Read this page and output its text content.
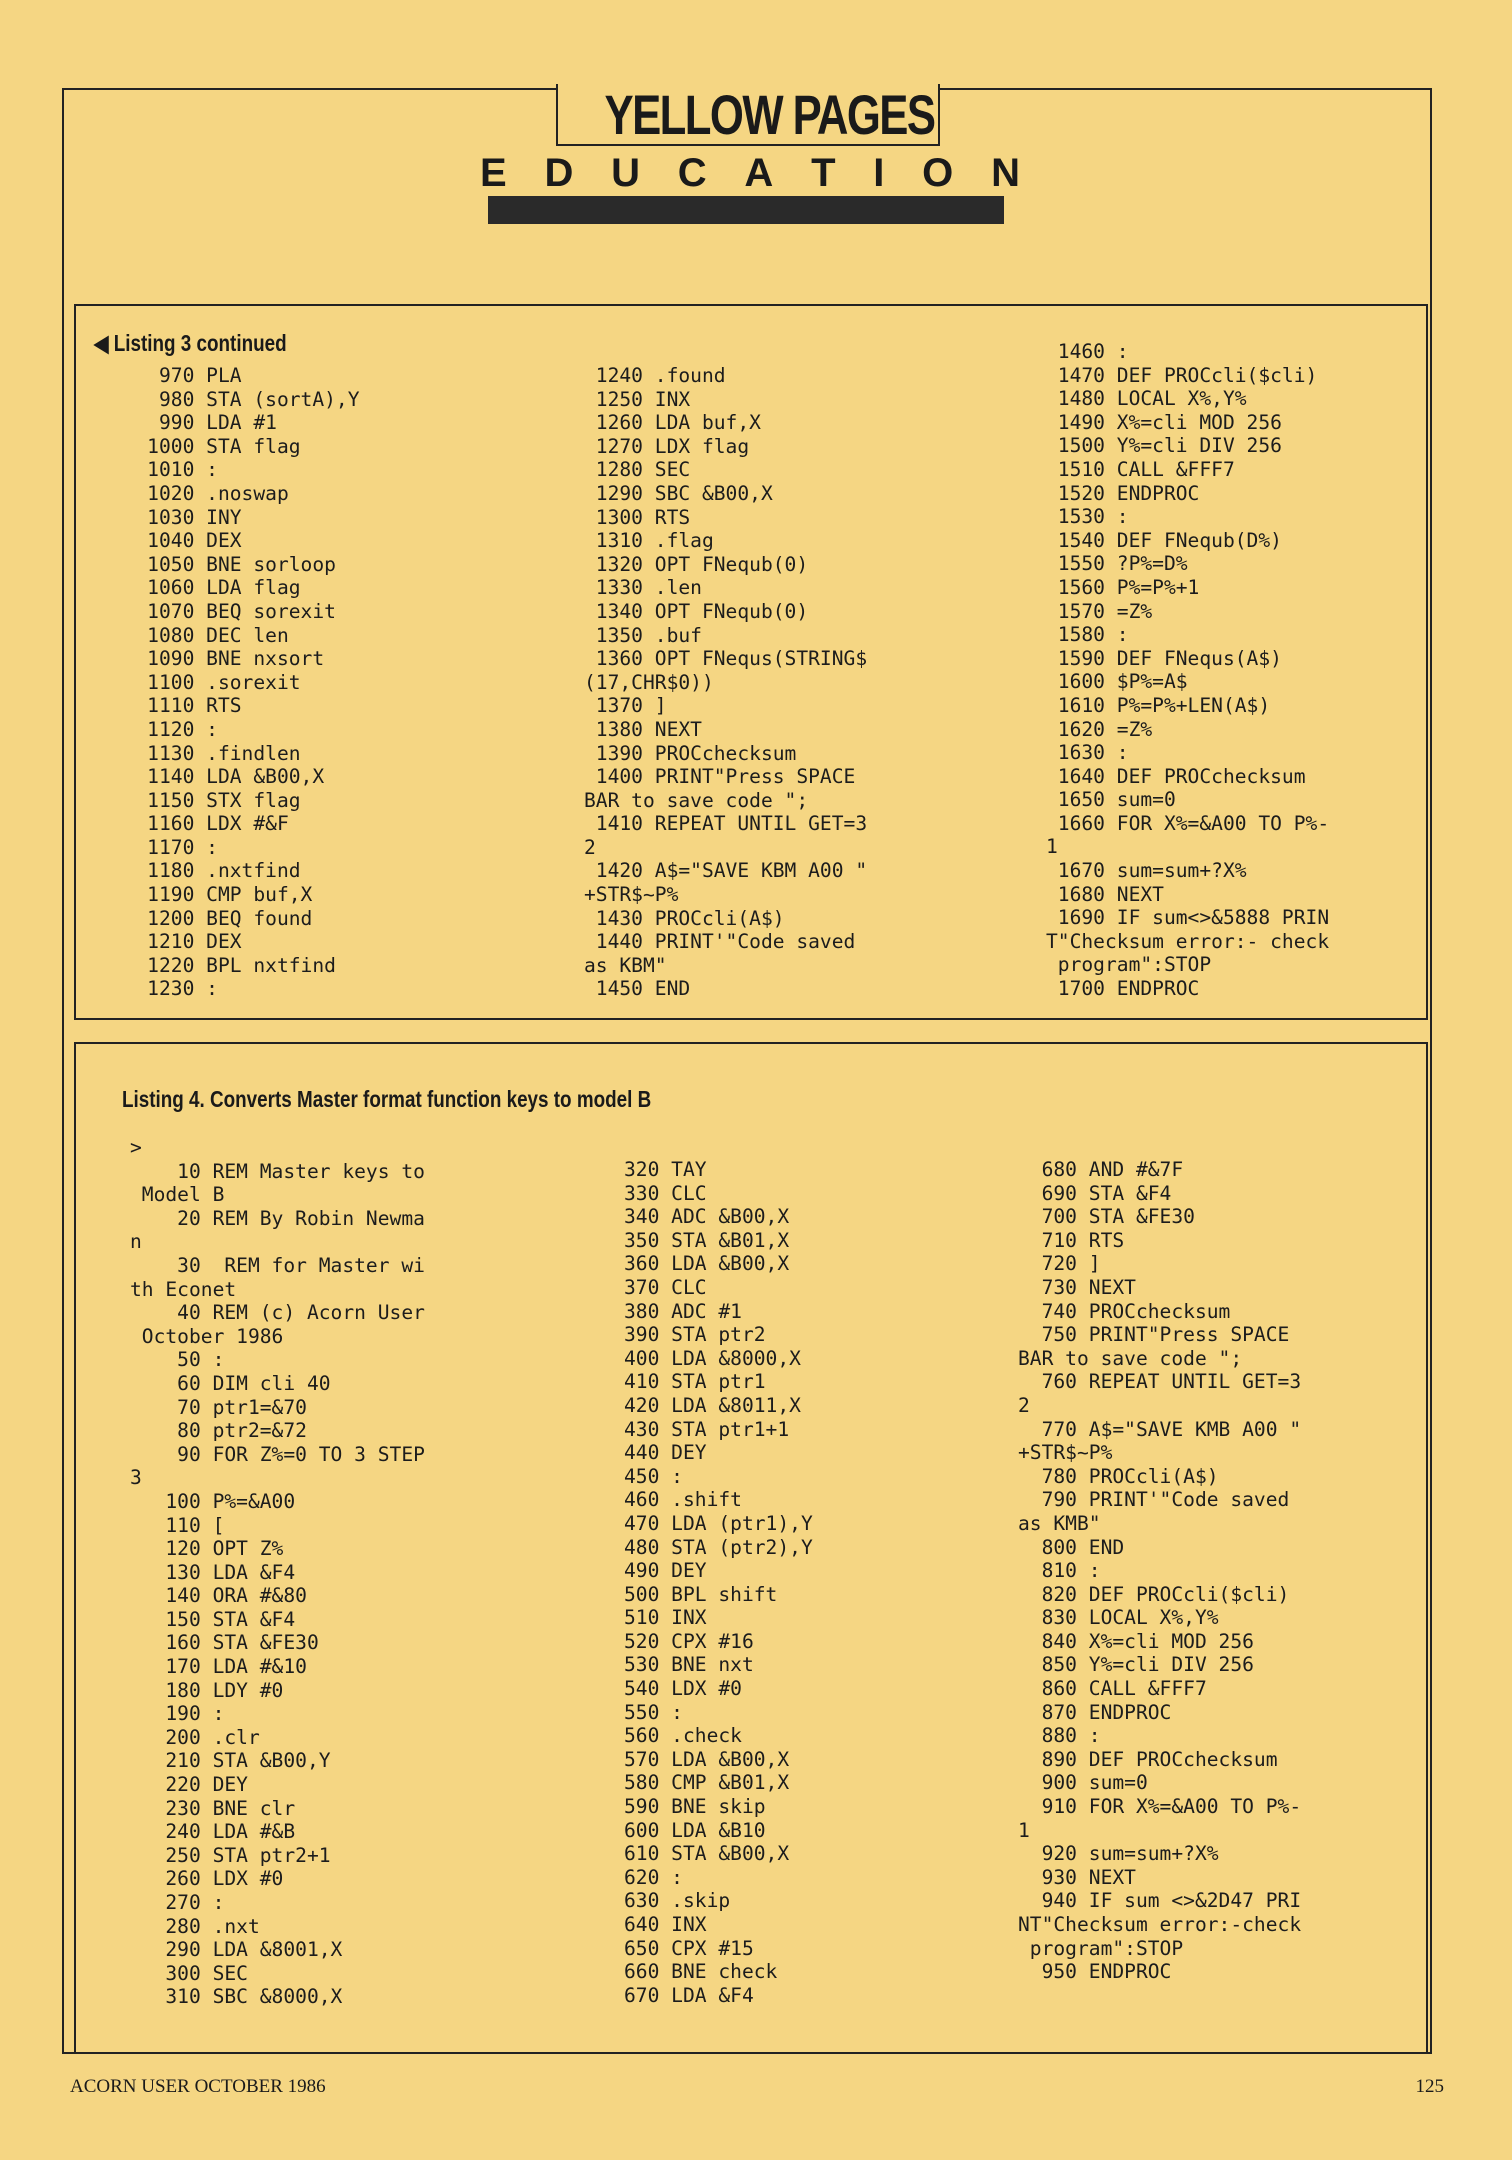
YELLOW PAGES
E D U C A T I O N
◀ Listing 3 continued
970 PLA
980 STA (sortA),Y
990 LDA #1
1000 STA flag
1010 :
1020 .noswap
1030 INY
1040 DEX
1050 BNE sorloop
1060 LDA flag
1070 BEQ sorexit
1080 DEC len
1090 BNE nxsort
1100 .sorexit
1110 RTS
1120 :
1130 .findlen
1140 LDA &B00,X
1150 STX flag
1160 LDX #&F
1170 :
1180 .nxtfind
1190 CMP buf,X
1200 BEQ found
1210 DEX
1220 BPL nxtfind
1230 :
1240 .found
1250 INX
1260 LDA buf,X
1270 LDX flag
1280 SEC
1290 SBC &B00,X
1300 RTS
1310 .flag
1320 OPT FNequb(0)
1330 .len
1340 OPT FNequb(0)
1350 .buf
1360 OPT FNequs(STRING$
(17,CHR$0))
1370 ]
1380 NEXT
1390 PROCchecksum
1400 PRINT"Press SPACE
BAR to save code ";
1410 REPEAT UNTIL GET=3
2
1420 A$="SAVE KBM A00 "
+STR$~P%
1430 PROCcli(A$)
1440 PRINT'"Code saved
as KBM"
1450 END
1460 :
1470 DEF PROCcli($cli)
1480 LOCAL X%,Y%
1490 X%=cli MOD 256
1500 Y%=cli DIV 256
1510 CALL &FFF7
1520 ENDPROC
1530 :
1540 DEF FNequb(D%)
1550 ?P%=D%
1560 P%=P%+1
1570 =Z%
1580 :
1590 DEF FNequs(A$)
1600 $P%=A$
1610 P%=P%+LEN(A$)
1620 =Z%
1630 :
1640 DEF PROCchecksum
1650 sum=0
1660 FOR X%=&A00 TO P%-
1
1670 sum=sum+?X%
1680 NEXT
1690 IF sum<>&5888 PRIN
T"Checksum error:- check
program":STOP
1700 ENDPROC
Listing 4. Converts Master format function keys to model B
>
10 REM Master keys to
Model B
20 REM By Robin Newma
n
30  REM for Master wi
th Econet
40 REM (c) Acorn User
October 1986
50 :
60 DIM cli 40
70 ptr1=&70
80 ptr2=&72
90 FOR Z%=0 TO 3 STEP
3
100 P%=&A00
110 [
120 OPT Z%
130 LDA &F4
140 ORA #&80
150 STA &F4
160 STA &FE30
170 LDA #&10
180 LDY #0
190 :
200 .clr
210 STA &B00,Y
220 DEY
230 BNE clr
240 LDA #&B
250 STA ptr2+1
260 LDX #0
270 :
280 .nxt
290 LDA &8001,X
300 SEC
310 SBC &8000,X
320 TAY
330 CLC
340 ADC &B00,X
350 STA &B01,X
360 LDA &B00,X
370 CLC
380 ADC #1
390 STA ptr2
400 LDA &8000,X
410 STA ptr1
420 LDA &8011,X
430 STA ptr1+1
440 DEY
450 :
460 .shift
470 LDA (ptr1),Y
480 STA (ptr2),Y
490 DEY
500 BPL shift
510 INX
520 CPX #16
530 BNE nxt
540 LDX #0
550 :
560 .check
570 LDA &B00,X
580 CMP &B01,X
590 BNE skip
600 LDA &B10
610 STA &B00,X
620 :
630 .skip
640 INX
650 CPX #15
660 BNE check
670 LDA &F4
680 AND #&7F
690 STA &F4
700 STA &FE30
710 RTS
720 ]
730 NEXT
740 PROCchecksum
750 PRINT"Press SPACE
BAR to save code ";
760 REPEAT UNTIL GET=3
2
770 A$="SAVE KMB A00 "
+STR$~P%
780 PROCcli(A$)
790 PRINT'"Code saved
as KMB"
800 END
810 :
820 DEF PROCcli($cli)
830 LOCAL X%,Y%
840 X%=cli MOD 256
850 Y%=cli DIV 256
860 CALL &FFF7
870 ENDPROC
880 :
890 DEF PROCchecksum
900 sum=0
910 FOR X%=&A00 TO P%-
1
920 sum=sum+?X%
930 NEXT
940 IF sum <>&2D47 PRI
NT"Checksum error:-check
program":STOP
950 ENDPROC
ACORN USER OCTOBER 1986	125
